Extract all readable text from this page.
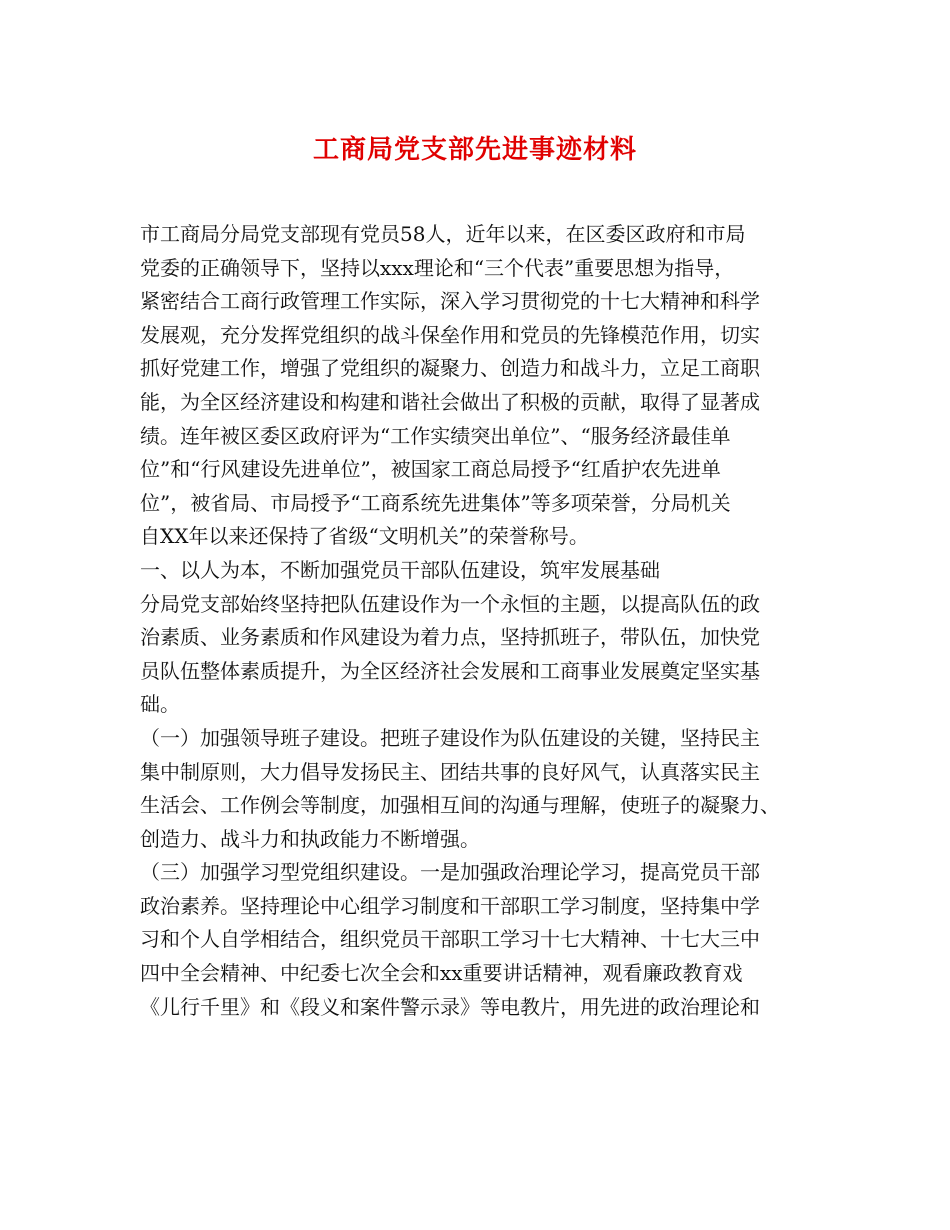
工商局党支部先进事迹材料
市工商局分局党支部现有党员58人，近年以来，在区委区政府和市局
党委的正确领导下，坚持以xxx理论和“三个代表”重要思想为指导，
紧密结合工商行政管理工作实际，深入学习贯彻党的十七大精神和科学
发展观，充分发挥党组织的战斗保垒作用和党员的先锋模范作用，切实
抓好党建工作，增强了党组织的凝聚力、创造力和战斗力，立足工商职
能，为全区经济建设和构建和谐社会做出了积极的贡献，取得了显著成
绩。连年被区委区政府评为“工作实绩突出单位”、“服务经济最佳单
位”和“行风建设先进单位”，被国家工商总局授予“红盾护农先进单
位”，被省局、市局授予“工商系统先进集体”等多项荣誉，分局机关
自XX年以来还保持了省级“文明机关”的荣誉称号。
一、以人为本，不断加强党员干部队伍建设，筑牢发展基础
分局党支部始终坚持把队伍建设作为一个永恒的主题，以提高队伍的政
治素质、业务素质和作风建设为着力点，坚持抓班子，带队伍，加快党
员队伍整体素质提升，为全区经济社会发展和工商事业发展奠定坚实基
础。
（一）加强领导班子建设。把班子建设作为队伍建设的关键，坚持民主
集中制原则，大力倡导发扬民主、团结共事的良好风气，认真落实民主
生活会、工作例会等制度，加强相互间的沟通与理解，使班子的凝聚力、
创造力、战斗力和执政能力不断增强。
（三）加强学习型党组织建设。一是加强政治理论学习，提高党员干部
政治素养。坚持理论中心组学习制度和干部职工学习制度，坚持集中学
习和个人自学相结合，组织党员干部职工学习十七大精神、十七大三中
四中全会精神、中纪委七次全会和xx重要讲话精神，观看廉政教育戏
《儿行千里》和《段义和案件警示录》等电教片，用先进的政治理论和
